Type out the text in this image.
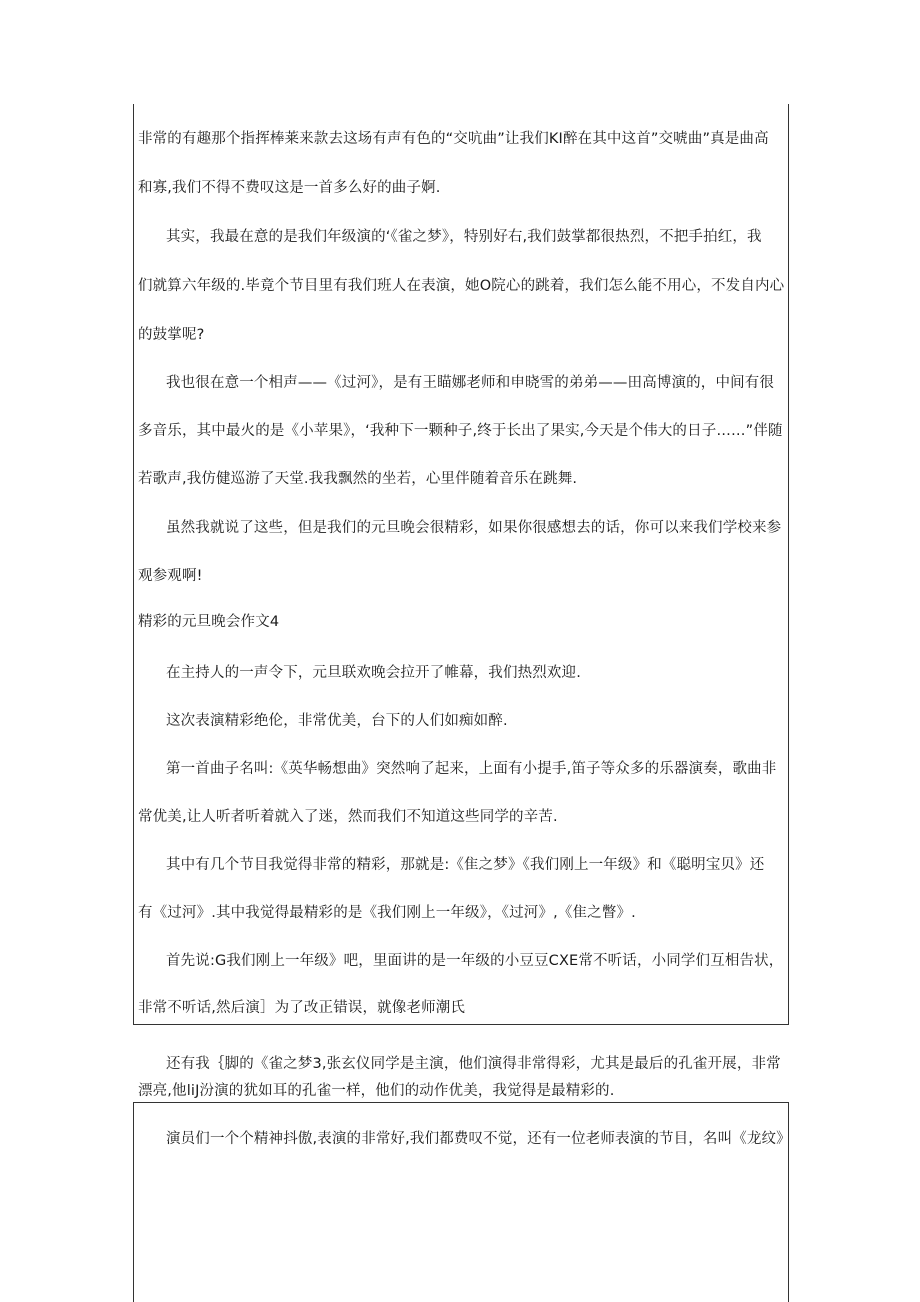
非常的有趣那个指挥棒莱来款去这场有声有色的“交吭曲”让我们KI醉在其中这首”交唬曲”真是曲高
和寡,我们不得不费叹这是一首多么好的曲子婀.
其实，我最在意的是我们年级演的‘《雀之梦》，特别好右,我们鼓掌都很热烈，不把手拍红，我
们就算六年级的.毕竟个节目里有我们班人在表演，她O院心的跳着，我们怎么能不用心，不发自内心
的鼓掌呢?
我也很在意一个相声——《过河》，是有王瞄娜老师和申晓雪的弟弟——田高博演的，中间有很
多音乐，其中最火的是《小苹果》，‘我种下一颗种子,终于长出了果实,今天是个伟大的日子……”伴随
若歌声,我仿健巡游了天堂.我我飘然的坐若，心里伴随着音乐在跳舞.
虽然我就说了这些，但是我们的元旦晚会很精彩，如果你很感想去的话，你可以来我们学校来参
观参观啊!
精彩的元旦晚会作文4
在主持人的一声令下，元旦联欢晚会拉开了帷幕，我们热烈欢迎.
这次表演精彩绝伦，非常优美，台下的人们如痴如醉.
第一首曲子名叫:《英华畅想曲》突然响了起来，上面有小提手,笛子等众多的乐器演奏，歌曲非
常优美,让人听者听着就入了迷，然而我们不知道这些同学的辛苦.
其中有几个节目我觉得非常的精彩，那就是:《隹之梦》《我们刚上一年级》和《聪明宝贝》还
有《过河》.其中我觉得最精彩的是《我们刚上一年级》，《过河》,《隹之瞥》.
首先说:G我们刚上一年级》吧，里面讲的是一年级的小豆豆CXE常不听话，小同学们互相告状，
非常不听话,然后演］为了改正错误，就像老师潮氏
还有我｛脚的《雀之梦3,张玄仪同学是主演，他们演得非常得彩，尤其是最后的孔雀开展，非常
漂亮,他liJ汾演的犹如耳的孔雀一样，他们的动作优美，我觉得是最精彩的.
演员们一个个精神抖傲,表演的非常好,我们都费叹不觉，还有一位老师表演的节目，名叫《龙纹》
